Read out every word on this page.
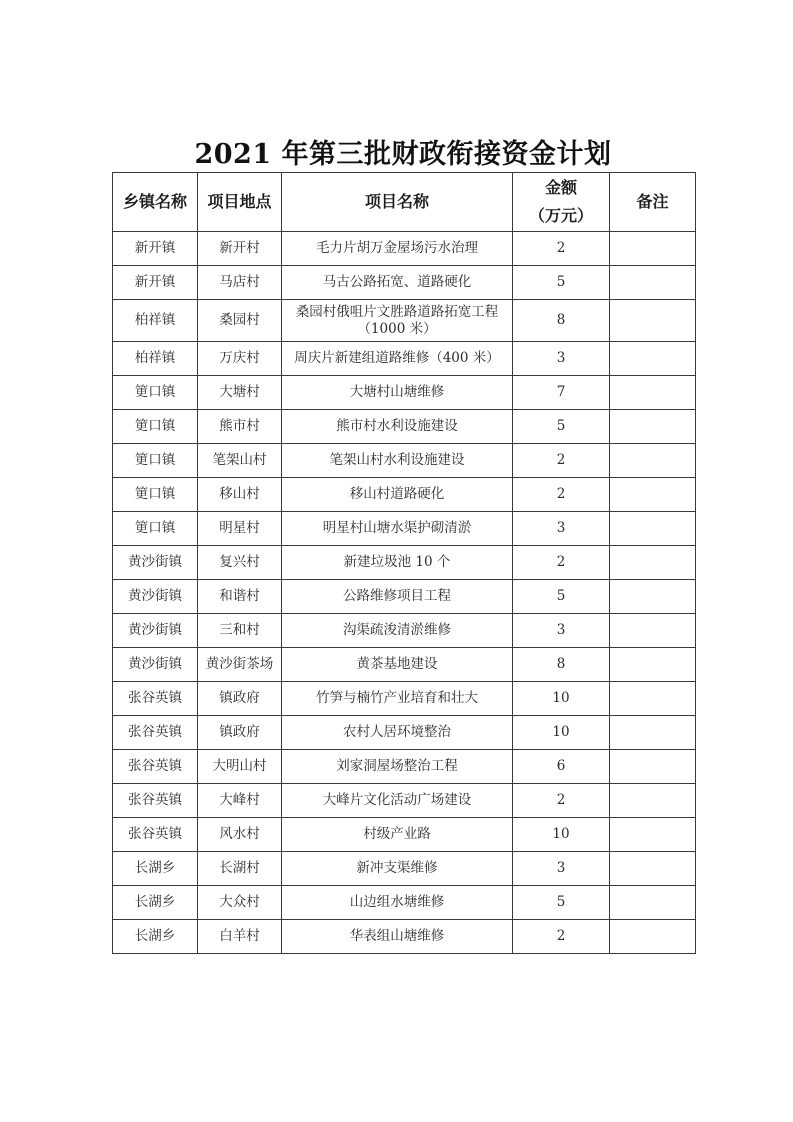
2021 年第三批财政衔接资金计划
乡镇名称	项目地点	项目名称	金额
（万元）	备注
新开镇	新开村	毛力片胡万金屋场污水治理	2	
新开镇	马店村	马古公路拓宽、道路硬化	5	
柏祥镇	桑园村	桑园村俄咀片文胜路道路拓宽工程
（1000 米）	8	
柏祥镇	万庆村	周庆片新建组道路维修（400 米）	3	
筻口镇	大塘村	大塘村山塘维修	7	
筻口镇	熊市村	熊市村水利设施建设	5	
筻口镇	笔架山村	笔架山村水利设施建设	2	
筻口镇	移山村	移山村道路硬化	2	
筻口镇	明星村	明星村山塘水渠护砌清淤	3	
黄沙街镇	复兴村	新建垃圾池 10 个	2	
黄沙街镇	和谐村	公路维修项目工程	5	
黄沙街镇	三和村	沟渠疏浚清淤维修	3	
黄沙街镇	黄沙街茶场	黄茶基地建设	8	
张谷英镇	镇政府	竹笋与楠竹产业培育和壮大	10	
张谷英镇	镇政府	农村人居环境整治	10	
张谷英镇	大明山村	刘家洞屋场整治工程	6	
张谷英镇	大峰村	大峰片文化活动广场建设	2	
张谷英镇	风水村	村级产业路	10	
长湖乡	长湖村	新冲支渠维修	3	
长湖乡	大众村	山边组水塘维修	5	
长湖乡	白羊村	华表组山塘维修	2	
